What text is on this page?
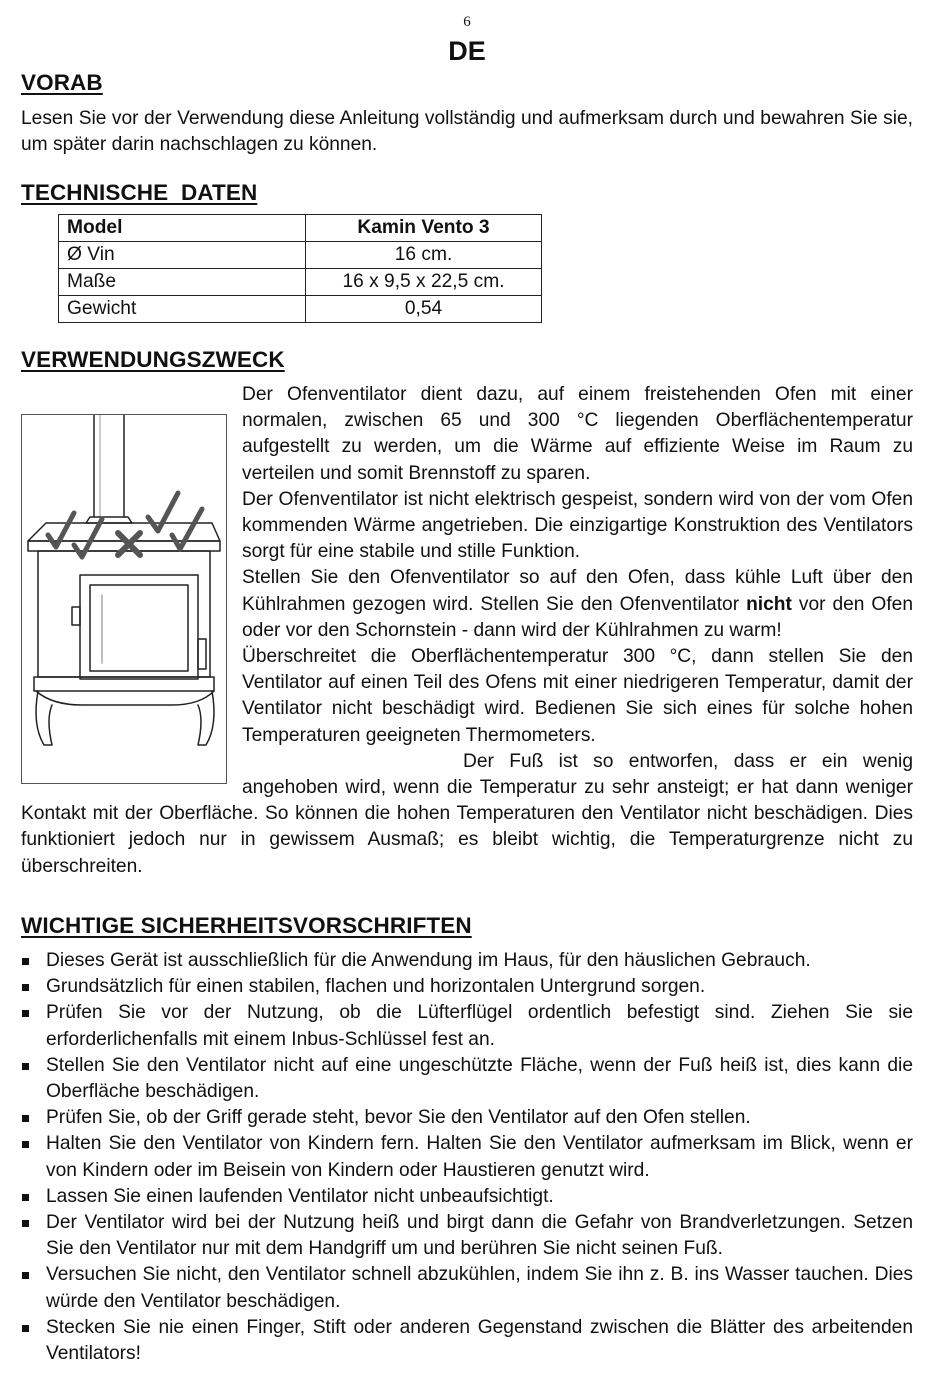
6
DE
VORAB

Lesen Sie vor der Verwendung diese Anleitung vollständig und aufmerksam durch und bewahren Sie sie, um später darin nachschlagen zu können.

TECHNISCHE  DATEN
Model	Kamin Vento 3
Ø Vin	16 cm.
Maße	16 x 9,5 x 22,5 cm.
Gewicht	0,54
VERWENDUNGSZWECK

Der Ofenventilator dient dazu, auf einem freistehenden Ofen mit einer normalen, zwischen 65 und 300 °C liegenden Oberflächentemperatur aufgestellt zu werden, um die Wärme auf effiziente Weise im Raum zu verteilen und somit Brennstoff zu sparen.

Der Ofenventilator ist nicht elektrisch gespeist, sondern wird von der vom Ofen kommenden Wärme angetrieben. Die einzigartige Konstruktion des Ventilators sorgt für eine stabile und stille Funktion.

Stellen Sie den Ofenventilator so auf den Ofen, dass kühle Luft über den Kühlrahmen gezogen wird. Stellen Sie den Ofenventilator nicht vor den Ofen oder vor den Schornstein - dann wird der Kühlrahmen zu warm!

Überschreitet die Oberflächentemperatur 300 °C, dann stellen Sie den Ventilator auf einen Teil des Ofens mit einer niedrigeren Temperatur, damit der Ventilator nicht beschädigt wird. Bedienen Sie sich eines für solche hohen Temperaturen geeigneten Thermometers.

Der Fuß ist so entworfen, dass er ein wenig angehoben wird, wenn die Temperatur zu sehr ansteigt; er hat dann weniger Kontakt mit der Oberfläche. So können die hohen Temperaturen den Ventilator nicht beschädigen. Dies funktioniert jedoch nur in gewissem Ausmaß; es bleibt wichtig, die Temperaturgrenze nicht zu überschreiten.

WICHTIGE SICHERHEITSVORSCHRIFTEN
Dieses Gerät ist ausschließlich für die Anwendung im Haus, für den häuslichen Gebrauch.
Grundsätzlich für einen stabilen, flachen und horizontalen Untergrund sorgen.
Prüfen Sie vor der Nutzung, ob die Lüfterflügel ordentlich befestigt sind. Ziehen Sie sie erforderlichenfalls mit einem Inbus-Schlüssel fest an.
Stellen Sie den Ventilator nicht auf eine ungeschützte Fläche, wenn der Fuß heiß ist, dies kann die Oberfläche beschädigen.
Prüfen Sie, ob der Griff gerade steht, bevor Sie den Ventilator auf den Ofen stellen.
Halten Sie den Ventilator von Kindern fern. Halten Sie den Ventilator aufmerksam im Blick, wenn er von Kindern oder im Beisein von Kindern oder Haustieren genutzt wird.
Lassen Sie einen laufenden Ventilator nicht unbeaufsichtigt.
Der Ventilator wird bei der Nutzung heiß und birgt dann die Gefahr von Brandverletzungen. Setzen Sie den Ventilator nur mit dem Handgriff um und berühren Sie nicht seinen Fuß.
Versuchen Sie nicht, den Ventilator schnell abzukühlen, indem Sie ihn z. B. ins Wasser tauchen. Dies würde den Ventilator beschädigen.
Stecken Sie nie einen Finger, Stift oder anderen Gegenstand zwischen die Blätter des arbeitenden Ventilators!
